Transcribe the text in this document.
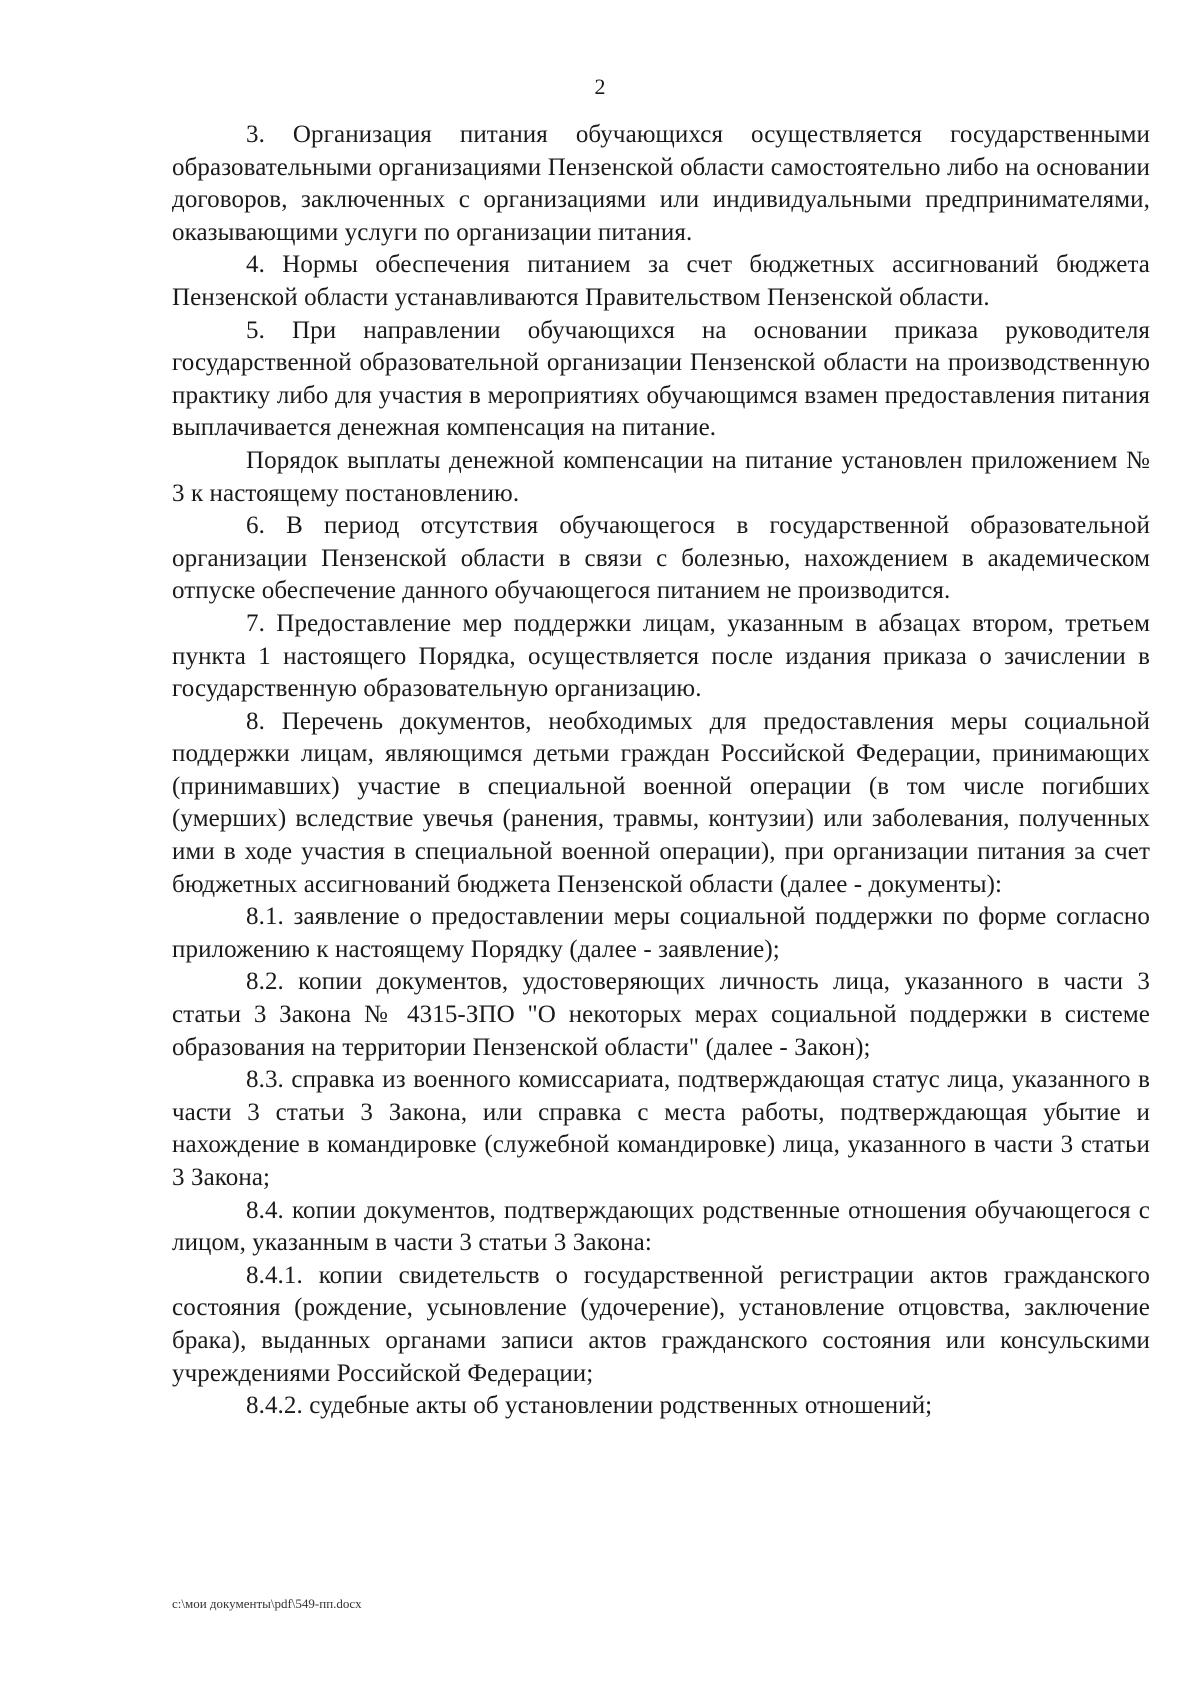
2

3. Организация питания обучающихся осуществляется государственными образовательными организациями Пензенской области самостоятельно либо на основании договоров, заключенных с организациями или индивидуальными предпринимателями, оказывающими услуги по организации питания.

4. Нормы обеспечения питанием за счет бюджетных ассигнований бюджета Пензенской области устанавливаются Правительством Пензенской области.

5. При направлении обучающихся на основании приказа руководителя государственной образовательной организации Пензенской области на производственную практику либо для участия в мероприятиях обучающимся взамен предоставления питания выплачивается денежная компенсация на питание.

Порядок выплаты денежной компенсации на питание установлен приложением № 3 к настоящему постановлению.

6. В период отсутствия обучающегося в государственной образовательной организации Пензенской области в связи с болезнью, нахождением в академическом отпуске обеспечение данного обучающегося питанием не производится.

7. Предоставление мер поддержки лицам, указанным в абзацах втором, третьем пункта 1 настоящего Порядка, осуществляется после издания приказа о зачислении в государственную образовательную организацию.

8. Перечень документов, необходимых для предоставления меры социальной поддержки лицам, являющимся детьми граждан Российской Федерации, принимающих (принимавших) участие в специальной военной операции (в том числе погибших (умерших) вследствие увечья (ранения, травмы, контузии) или заболевания, полученных ими в ходе участия в специальной военной операции), при организации питания за счет бюджетных ассигнований бюджета Пензенской области (далее - документы):

8.1. заявление о предоставлении меры социальной поддержки по форме согласно приложению к настоящему Порядку (далее - заявление);

8.2. копии документов, удостоверяющих личность лица, указанного в части 3 статьи 3 Закона № 4315-ЗПО "О некоторых мерах социальной поддержки в системе образования на территории Пензенской области" (далее - Закон);

8.3. справка из военного комиссариата, подтверждающая статус лица, указанного в части 3 статьи 3 Закона, или справка с места работы, подтверждающая убытие и нахождение в командировке (служебной командировке) лица, указанного в части 3 статьи 3 Закона;

8.4. копии документов, подтверждающих родственные отношения обучающегося с лицом, указанным в части 3 статьи 3 Закона:

8.4.1. копии свидетельств о государственной регистрации актов гражданского состояния (рождение, усыновление (удочерение), установление отцовства, заключение брака), выданных органами записи актов гражданского состояния или консульскими учреждениями Российской Федерации;

8.4.2. судебные акты об установлении родственных отношений;

c:\мои документы\pdf\549-пп.docx
